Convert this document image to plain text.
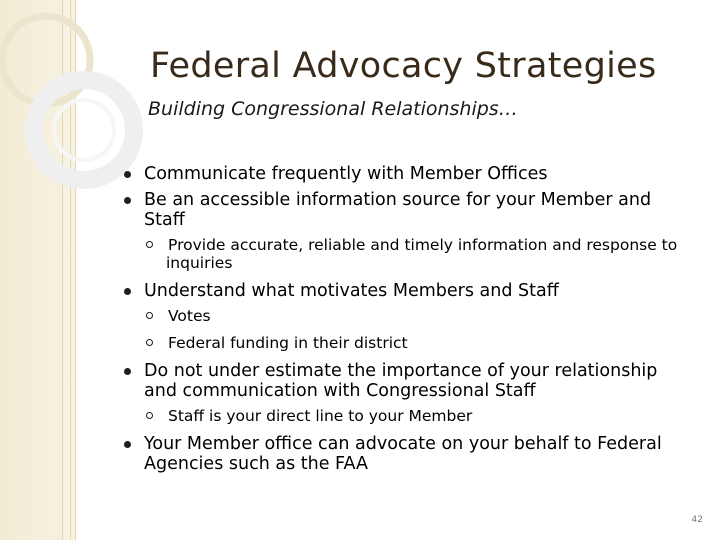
Federal Advocacy Strategies

Building Congressional Relationships…

Communicate frequently with Member Offices
Be an accessible information source for your Member and Staff
Provide accurate, reliable and timely information and response to inquiries
Understand what motivates Members and Staff
Votes
Federal funding in their district
Do not under estimate the importance of your relationship and communication with Congressional Staff
Staff is your direct line to your Member
Your Member office can advocate on your behalf to Federal Agencies such as the FAA
42
